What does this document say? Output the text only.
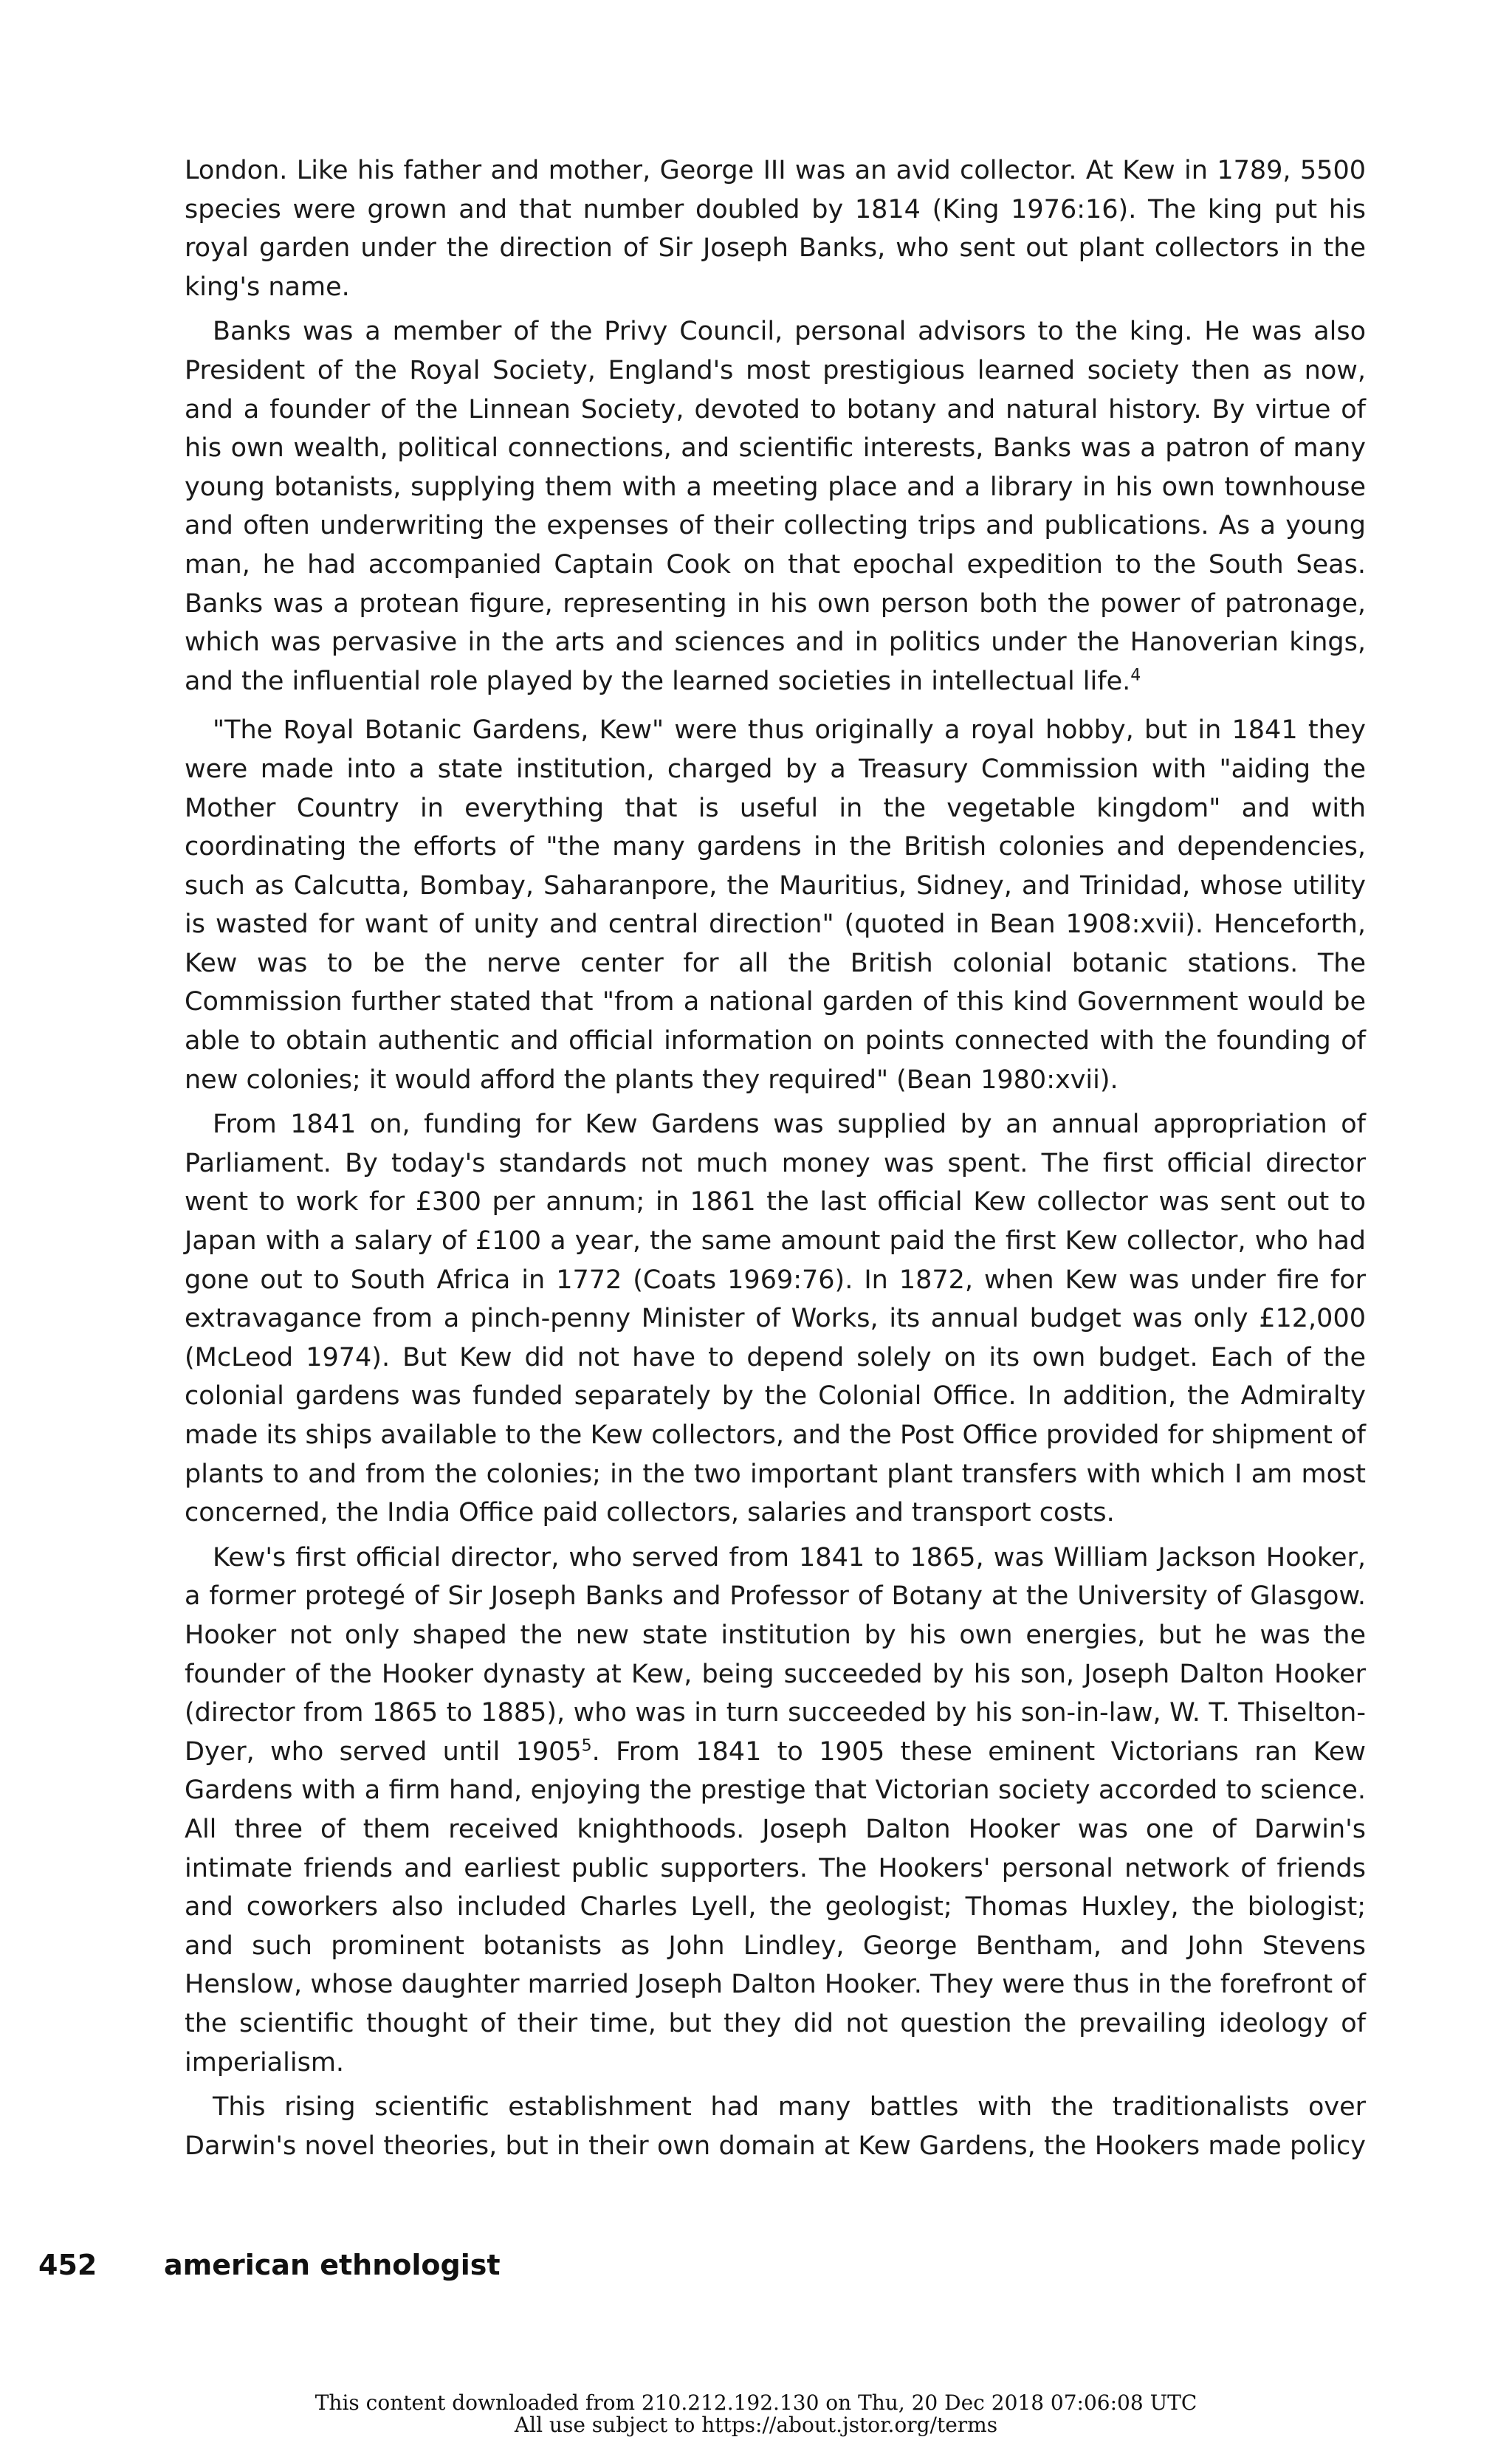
London. Like his father and mother, George III was an avid collector. At Kew in 1789, 5500 species were grown and that number doubled by 1814 (King 1976:16). The king put his royal garden under the direction of Sir Joseph Banks, who sent out plant collectors in the king's name.

Banks was a member of the Privy Council, personal advisors to the king. He was also President of the Royal Society, England's most prestigious learned society then as now, and a founder of the Linnean Society, devoted to botany and natural history. By virtue of his own wealth, political connections, and scientific interests, Banks was a patron of many young botanists, supplying them with a meeting place and a library in his own townhouse and often underwriting the expenses of their collecting trips and publications. As a young man, he had accompanied Captain Cook on that epochal expedition to the South Seas. Banks was a protean figure, representing in his own person both the power of patronage, which was pervasive in the arts and sciences and in politics under the Hanoverian kings, and the influential role played by the learned societies in intellectual life.$^4$

"The Royal Botanic Gardens, Kew" were thus originally a royal hobby, but in 1841 they were made into a state institution, charged by a Treasury Commission with "aiding the Mother Country in everything that is useful in the vegetable kingdom" and with coordinating the efforts of "the many gardens in the British colonies and dependencies, such as Calcutta, Bombay, Saharanpore, the Mauritius, Sidney, and Trinidad, whose utility is wasted for want of unity and central direction" (quoted in Bean 1908:xvii). Henceforth, Kew was to be the nerve center for all the British colonial botanic stations. The Commission further stated that "from a national garden of this kind Government would be able to obtain authentic and official information on points connected with the founding of new colonies; it would afford the plants they required" (Bean 1980:xvii).

From 1841 on, funding for Kew Gardens was supplied by an annual appropriation of Parliament. By today's standards not much money was spent. The first official director went to work for £300 per annum; in 1861 the last official Kew collector was sent out to Japan with a salary of £100 a year, the same amount paid the first Kew collector, who had gone out to South Africa in 1772 (Coats 1969:76). In 1872, when Kew was under fire for extravagance from a pinch-penny Minister of Works, its annual budget was only £12,000 (McLeod 1974). But Kew did not have to depend solely on its own budget. Each of the colonial gardens was funded separately by the Colonial Office. In addition, the Admiralty made its ships available to the Kew collectors, and the Post Office provided for shipment of plants to and from the colonies; in the two important plant transfers with which I am most concerned, the India Office paid collectors, salaries and transport costs.

Kew's first official director, who served from 1841 to 1865, was William Jackson Hooker, a former protegé of Sir Joseph Banks and Professor of Botany at the University of Glasgow. Hooker not only shaped the new state institution by his own energies, but he was the founder of the Hooker dynasty at Kew, being succeeded by his son, Joseph Dalton Hooker (director from 1865 to 1885), who was in turn succeeded by his son-in-law, W. T. Thiselton-Dyer, who served until 1905$^5$. From 1841 to 1905 these eminent Victorians ran Kew Gardens with a firm hand, enjoying the prestige that Victorian society accorded to science. All three of them received knighthoods. Joseph Dalton Hooker was one of Darwin's intimate friends and earliest public supporters. The Hookers' personal network of friends and coworkers also included Charles Lyell, the geologist; Thomas Huxley, the biologist; and such prominent botanists as John Lindley, George Bentham, and John Stevens Henslow, whose daughter married Joseph Dalton Hooker. They were thus in the forefront of the scientific thought of their time, but they did not question the prevailing ideology of imperialism.

This rising scientific establishment had many battles with the traditionalists over Darwin's novel theories, but in their own domain at Kew Gardens, the Hookers made policy

452 american ethnologist
This content downloaded from 210.212.192.130 on Thu, 20 Dec 2018 07:06:08 UTC
All use subject to https://about.jstor.org/terms
